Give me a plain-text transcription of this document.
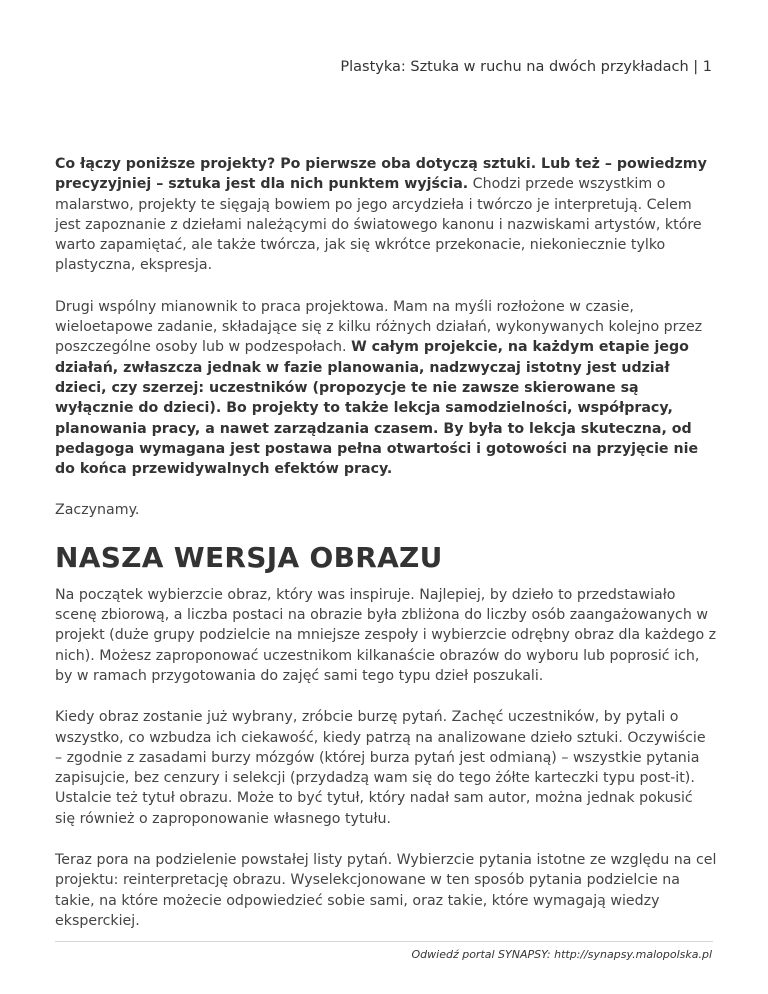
Plastyka: Sztuka w ruchu na dwóch przykładach | 1

Co łączy poniższe projekty? Po pierwsze oba dotyczą sztuki. Lub też – powiedzmy precyzyjniej – sztuka jest dla nich punktem wyjścia. Chodzi przede wszystkim o malarstwo, projekty te sięgają bowiem po jego arcydzieła i twórczo je interpretują. Celem jest zapoznanie z dziełami należącymi do światowego kanonu i nazwiskami artystów, które warto zapamiętać, ale także twórcza, jak się wkrótce przekonacie, niekoniecznie tylko plastyczna, ekspresja.

Drugi wspólny mianownik to praca projektowa. Mam na myśli rozłożone w czasie, wieloetapowe zadanie, składające się z kilku różnych działań, wykonywanych kolejno przez poszczególne osoby lub w podzespołach. W całym projekcie, na każdym etapie jego działań, zwłaszcza jednak w fazie planowania, nadzwyczaj istotny jest udział dzieci, czy szerzej: uczestników (propozycje te nie zawsze skierowane są wyłącznie do dzieci). Bo projekty to także lekcja samodzielności, współpracy, planowania pracy, a nawet zarządzania czasem. By była to lekcja skuteczna, od pedagoga wymagana jest postawa pełna otwartości i gotowości na przyjęcie nie do końca przewidywalnych efektów pracy.

Zaczynamy.

NASZA WERSJA OBRAZU

Na początek wybierzcie obraz, który was inspiruje. Najlepiej, by dzieło to przedstawiało scenę zbiorową, a liczba postaci na obrazie była zbliżona do liczby osób zaangażowanych w projekt (duże grupy podzielcie na mniejsze zespoły i wybierzcie odrębny obraz dla każdego z nich). Możesz zaproponować uczestnikom kilkanaście obrazów do wyboru lub poprosić ich, by w ramach przygotowania do zajęć sami tego typu dzieł poszukali.

Kiedy obraz zostanie już wybrany, zróbcie burzę pytań. Zachęć uczestników, by pytali o wszystko, co wzbudza ich ciekawość, kiedy patrzą na analizowane dzieło sztuki. Oczywiście – zgodnie z zasadami burzy mózgów (której burza pytań jest odmianą) – wszystkie pytania zapisujcie, bez cenzury i selekcji (przydadzą wam się do tego żółte karteczki typu post-it). Ustalcie też tytuł obrazu. Może to być tytuł, który nadał sam autor, można jednak pokusić się również o zaproponowanie własnego tytułu.

Teraz pora na podzielenie powstałej listy pytań. Wybierzcie pytania istotne ze względu na cel projektu: reinterpretację obrazu. Wyselekcjonowane w ten sposób pytania podzielcie na takie, na które możecie odpowiedzieć sobie sami, oraz takie, które wymagają wiedzy eksperckiej.

Odwiedź portal SYNAPSY: http://synapsy.malopolska.pl
